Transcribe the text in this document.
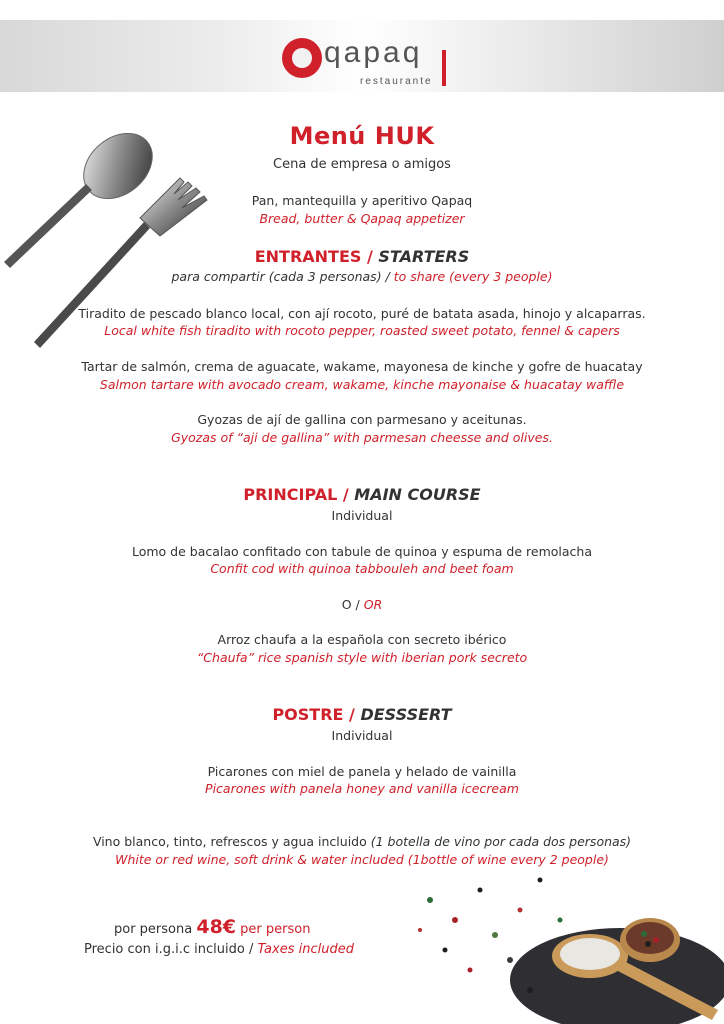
qapaq
restaurante
Menú HUK
Cena de empresa o amigos
Pan, mantequilla y aperitivo Qapaq
Bread, butter & Qapaq appetizer
ENTRANTES / STARTERS
para compartir (cada 3 personas) / to share (every 3 people)
Tiradito de pescado blanco local, con ají rocoto, puré de batata asada, hinojo y alcaparras.
Local white fish tiradito with rocoto pepper, roasted sweet potato, fennel & capers
Tartar de salmón, crema de aguacate, wakame, mayonesa de kinche y gofre de huacatay
Salmon tartare with avocado cream, wakame, kinche mayonaise & huacatay waffle
Gyozas de ají de gallina con parmesano y aceitunas.
Gyozas of “aji de gallina” with parmesan cheesse and olives.
PRINCIPAL / MAIN COURSE
Individual
Lomo de bacalao confitado con tabule de quinoa y espuma de remolacha
Confit cod with quinoa tabbouleh and beet foam
O / OR
Arroz chaufa a la española con secreto ibérico
“Chaufa” rice spanish style with iberian pork secreto
POSTRE / DESSSERT
Individual
Picarones con miel de panela y helado de vainilla
Picarones with panela honey and vanilla icecream
Vino blanco, tinto, refrescos y agua incluido (1 botella de vino por cada dos personas)
White or red wine, soft drink & water included (1bottle of wine every 2 people)
por persona 48€ per person
Precio con i.g.i.c incluido / Taxes included
